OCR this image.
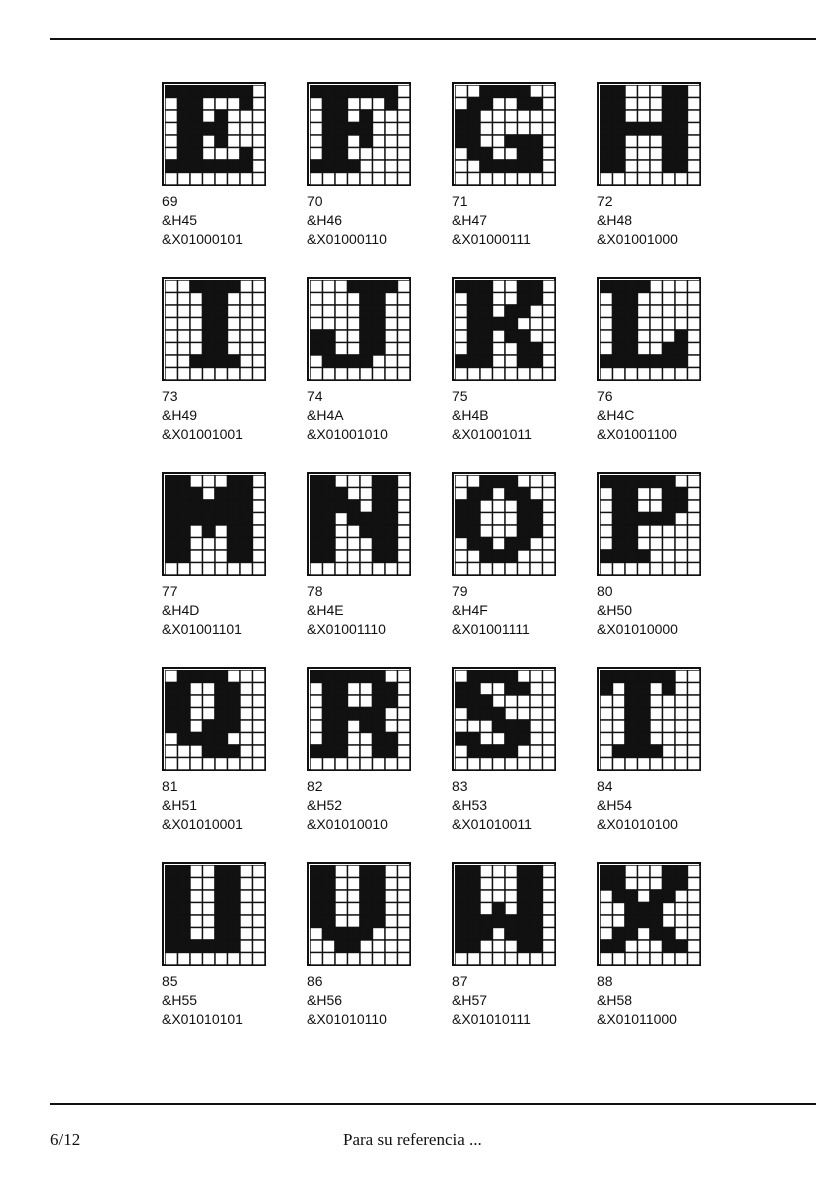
69
&H45
&X01000101
70
&H46
&X01000110
71
&H47
&X01000111
72
&H48
&X01001000
73
&H49
&X01001001
74
&H4A
&X01001010
75
&H4B
&X01001011
76
&H4C
&X01001100
77
&H4D
&X01001101
78
&H4E
&X01001110
79
&H4F
&X01001111
80
&H50
&X01010000
81
&H51
&X01010001
82
&H52
&X01010010
83
&H53
&X01010011
84
&H54
&X01010100
85
&H55
&X01010101
86
&H56
&X01010110
87
&H57
&X01010111
88
&H58
&X01011000
6/12	Para su referencia ...
